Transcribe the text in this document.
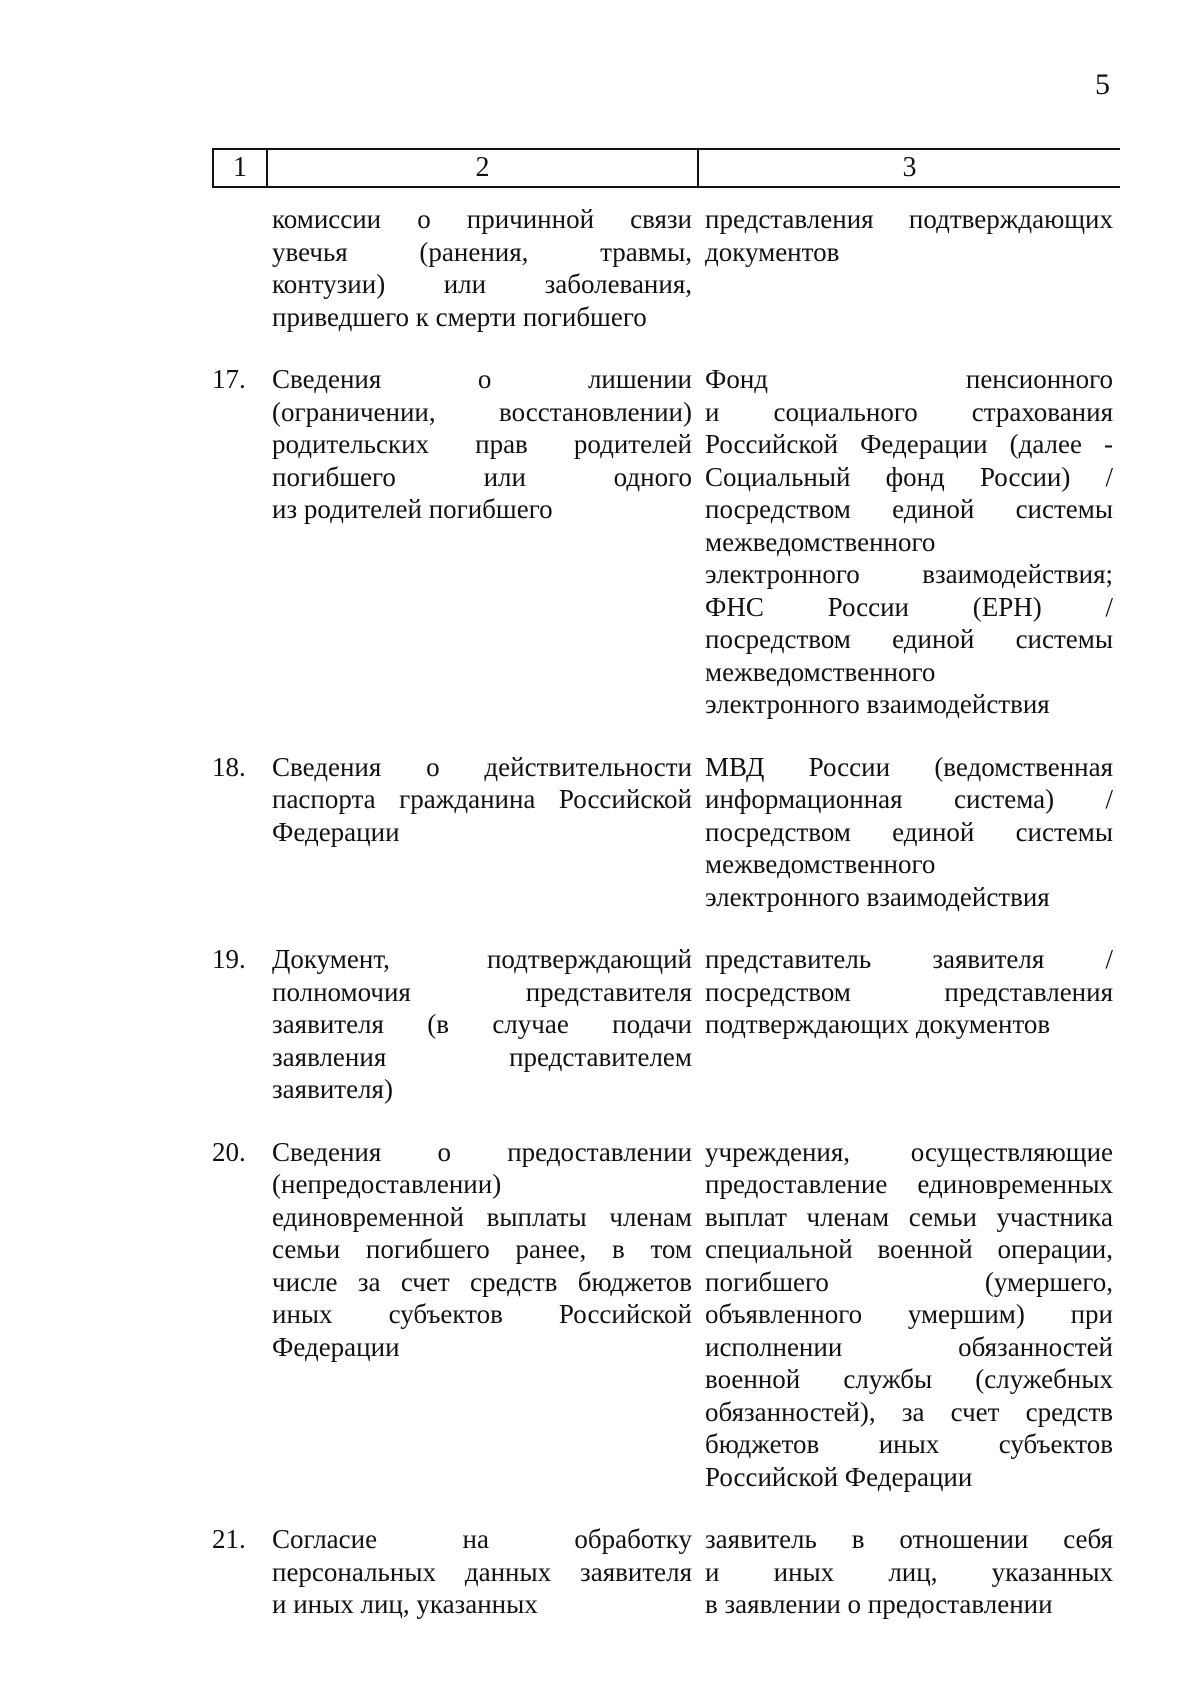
5
1	2	3
комиссии о причинной связи
увечья (ранения, травмы,
контузии) или заболевания,
приведшего к смерти погибшего
представления подтверждающих
документов
17. Сведения о лишении
(ограничении, восстановлении)
родительских прав родителей
погибшего или одного
из родителей погибшего
Фонд пенсионного
и социального страхования
Российской Федерации (далее -
Социальный фонд России) /
посредством единой системы
межведомственного
электронного взаимодействия;
ФНС России (ЕРН) /
посредством единой системы
межведомственного
электронного взаимодействия
18. Сведения о действительности
паспорта гражданина Российской
Федерации
МВД России (ведомственная
информационная система) /
посредством единой системы
межведомственного
электронного взаимодействия
19. Документ, подтверждающий
полномочия представителя
заявителя (в случае подачи
заявления представителем
заявителя)
представитель заявителя /
посредством представления
подтверждающих документов
20. Сведения о предоставлении
(непредоставлении)
единовременной выплаты членам
семьи погибшего ранее, в том
числе за счет средств бюджетов
иных субъектов Российской
Федерации
учреждения, осуществляющие
предоставление единовременных
выплат членам семьи участника
специальной военной операции,
погибшего (умершего,
объявленного умершим) при
исполнении обязанностей
военной службы (служебных
обязанностей), за счет средств
бюджетов иных субъектов
Российской Федерации
21. Согласие на обработку
персональных данных заявителя
и иных лиц, указанных
заявитель в отношении себя
и иных лиц, указанных
в заявлении о предоставлении
